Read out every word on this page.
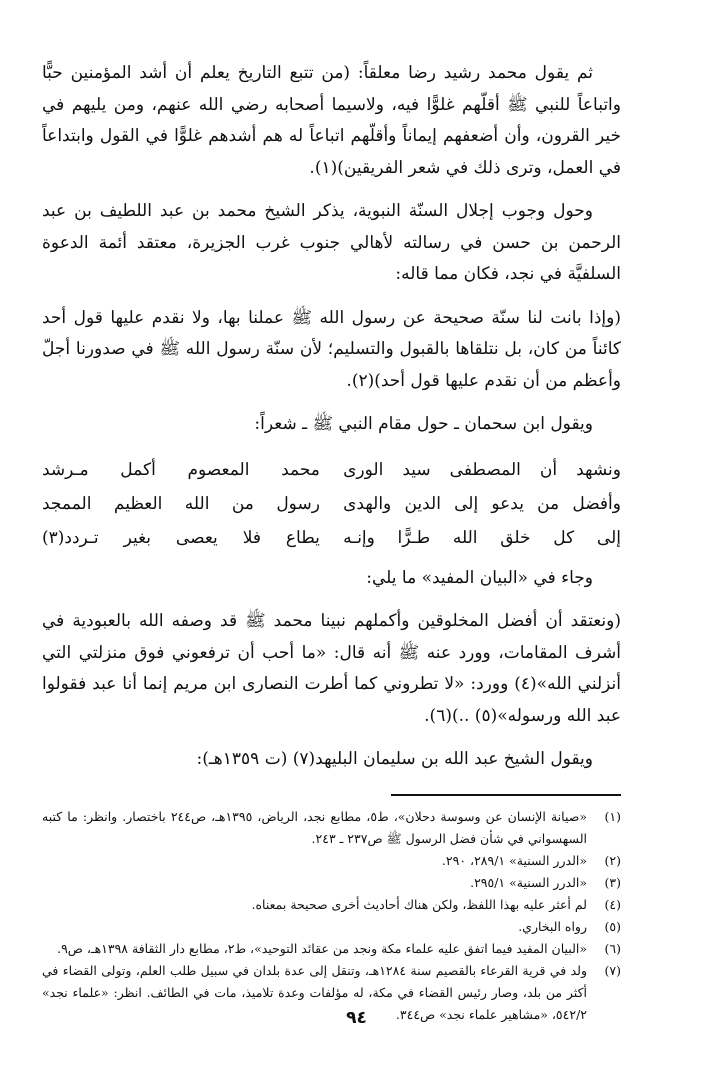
ثم يقول محمد رشيد رضا معلقاً: (من تتبع التاريخ يعلم أن أشد المؤمنين حبًّا واتباعاً للنبي ﷺ أقلّهم غلوًّا فيه، ولاسيما أصحابه رضي الله عنهم، ومن يليهم في خير القرون، وأن أضعفهم إيماناً وأقلّهم اتباعاً له هم أشدهم غلوًّا في القول وابتداعاً في العمل، وترى ذلك في شعر الفريقين)(١).

وحول وجوب إجلال السنّة النبوية، يذكر الشيخ محمد بن عبد اللطيف بن عبد الرحمن بن حسن في رسالته لأهالي جنوب غرب الجزيرة، معتقد أئمة الدعوة السلفيَّة في نجد، فكان مما قاله:

(وإذا بانت لنا سنّة صحيحة عن رسول الله ﷺ عملنا بها، ولا نقدم عليها قول أحد كائناً من كان، بل نتلقاها بالقبول والتسليم؛ لأن سنّة رسول الله ﷺ في صدورنا أجلّ وأعظم من أن نقدم عليها قول أحد)(٢).

ويقول ابن سحمان ـ حول مقام النبي ﷺ ـ شعراً:

ونشهد أن المصطفى سيد الورى
محمد المعصوم أكمل مـرشد
وأفضل من يدعو إلى الدين والهدى
رسول من الله العظيم الممجد
إلى كل خلق الله طـرًّا وإنـه
يطاع فلا يعصى بغير تـردد(٣)

وجاء في «البيان المفيد» ما يلي:

(ونعتقد أن أفضل المخلوقين وأكملهم نبينا محمد ﷺ قد وصفه الله بالعبودية في أشرف المقامات، وورد عنه ﷺ أنه قال: «ما أحب أن ترفعوني فوق منزلتي التي أنزلني الله»(٤) وورد: «لا تطروني كما أطرت النصارى ابن مريم إنما أنا عبد فقولوا عبد الله ورسوله»(٥) ..)(٦).

ويقول الشيخ عبد الله بن سليمان البليهد(٧) (ت ١٣٥٩هـ):

(١)
«صيانة الإنسان عن وسوسة دحلان»، ط٥، مطابع نجد، الرياض، ١٣٩٥هـ، ص٢٤٤ باختصار. وانظر: ما كتبه السهسواني في شأن فضل الرسول ﷺ ص٢٣٧ ـ ٢٤٣.
(٢)
«الدرر السنية» ٢٨٩/١، ٢٩٠.
(٣)
«الدرر السنية» ٢٩٥/١.
(٤)
لم أعثر عليه بهذا اللفظ، ولكن هناك أحاديث أخرى صحيحة بمعناه.
(٥)
رواه البخاري.
(٦)
«البيان المفيد فيما اتفق عليه علماء مكة ونجد من عقائد التوحيد»، ط٢، مطابع دار الثقافة ١٣٩٨هـ، ص٩.
(٧)
ولد في قرية القرعاء بالقصيم سنة ١٢٨٤هـ، وتنقل إلى عدة بلدان في سبيل طلب العلم، وتولى القضاء في أكثر من بلد، وصار رئيس القضاء في مكة، له مؤلفات وعدة تلاميذ، مات في الطائف. انظر: «علماء نجد» ٥٤٢/٢، «مشاهير علماء نجد» ص٣٤٤.
٩٤
